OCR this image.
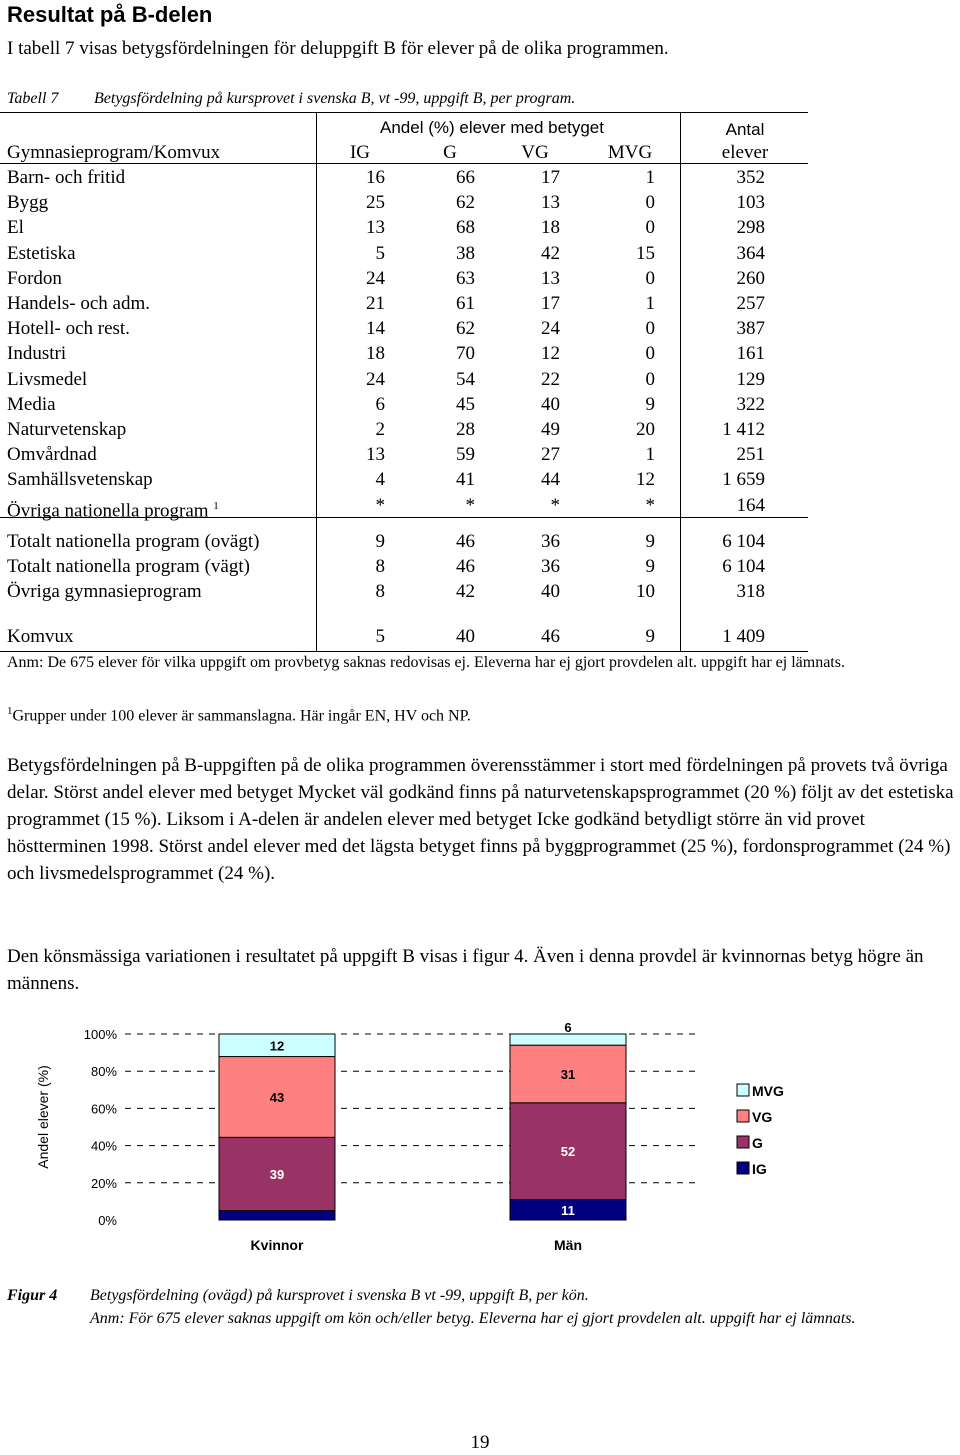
Resultat på B-delen
I tabell 7 visas betygsfördelningen för deluppgift B för elever på de olika programmen.
Tabell 7 Betygsfördelning på kursprovet i svenska B, vt -99, uppgift B, per program.
Andel (%) elever med betyget	Antal
elever
Gymnasieprogram/Komvux	IG	G	VG	MVG
Barn- och fritid	16	66	17	1	352
Bygg	25	62	13	0	103
El	13	68	18	0	298
Estetiska	5	38	42	15	364
Fordon	24	63	13	0	260
Handels- och adm.	21	61	17	1	257
Hotell- och rest.	14	62	24	0	387
Industri	18	70	12	0	161
Livsmedel	24	54	22	0	129
Media	6	45	40	9	322
Naturvetenskap	2	28	49	20	1 412
Omvårdnad	13	59	27	1	251
Samhällsvetenskap	4	41	44	12	1 659
Övriga nationella program $^1$	*	*	*	*	164
Totalt nationella program (ovägt)	9	46	36	9	6 104
Totalt nationella program (vägt)	8	46	36	9	6 104
Övriga gymnasieprogram	8	42	40	10	318
Komvux	5	40	46	9	1 409
Anm: De 675 elever för vilka uppgift om provbetyg saknas redovisas ej. Eleverna har ej gjort provdelen alt. uppgift har ej lämnats.
$^1$Grupper under 100 elever är sammanslagna. Här ingår EN, HV och NP.
Betygsfördelningen på B-uppgiften på de olika programmen överensstämmer i stort med fördelningen på provets två övriga delar. Störst andel elever med betyget Mycket väl godkänd finns på naturvetenskapsprogrammet (20 %) följt av det estetiska programmet (15 %). Liksom i A-delen är andelen elever med betyget Icke godkänd betydligt större än vid provet höstterminen 1998. Störst andel elever med det lägsta betyget finns på byggprogrammet (25 %), fordonsprogrammet (24 %) och livsmedelsprogrammet (24 %).
Den könsmässiga variationen i resultatet på uppgift B visas i figur 4. Även i denna provdel är kvinnornas betyg högre än männens.
0%
20%
40%
60%
80%
100%
Andel elever (%)
39
43
12
Kvinnor
11
52
31
6
Män
MVG
VG
G
IG
Figur 4 Betygsfördelning (ovägd) på kursprovet i svenska B vt -99, uppgift B, per kön.
Anm: För 675 elever saknas uppgift om kön och/eller betyg. Eleverna har ej gjort provdelen alt. uppgift har ej lämnats.
19
